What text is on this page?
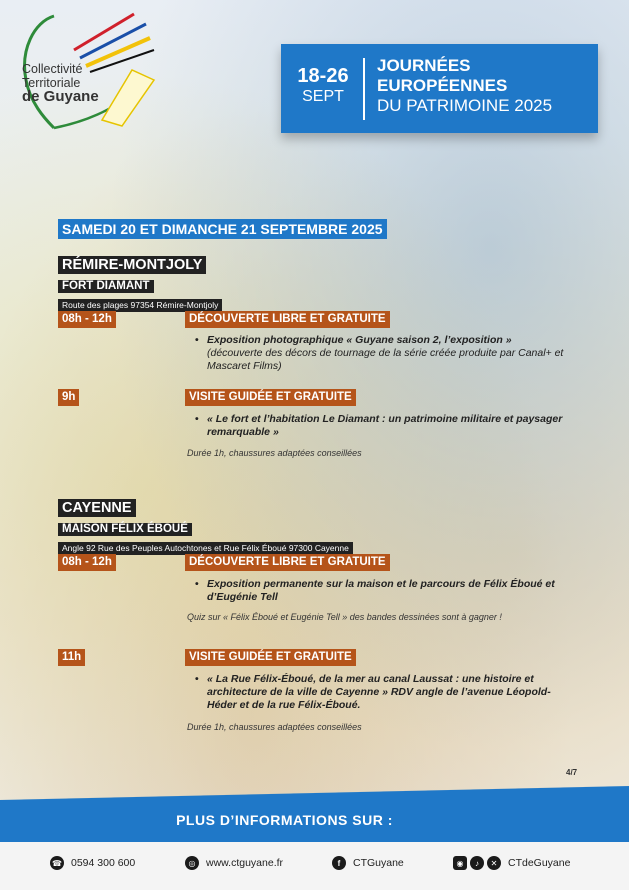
Collectivité
Territoriale
de Guyane
18-26
SEPT
JOURNÉES
EUROPÉENNES
DU PATRIMOINE 2025
SAMEDI 20 ET DIMANCHE 21 SEPTEMBRE 2025
RÉMIRE-MONTJOLY
FORT DIAMANT
Route des plages 97354 Rémire-Montjoly
08h - 12h	DÉCOUVERTE LIBRE ET GRATUITE
• Exposition photographique « Guyane saison 2, l’exposition »
(découverte des décors de tournage de la série créée produite par Canal+ et Mascaret Films)
9h	VISITE GUIDÉE ET GRATUITE
• « Le fort et l’habitation Le Diamant : un patrimoine militaire et paysager remarquable »
Durée 1h, chaussures adaptées conseillées
CAYENNE
MAISON FÉLIX ÉBOUÉ
Angle 92 Rue des Peuples Autochtones et Rue Félix Éboué 97300 Cayenne
08h - 12h	DÉCOUVERTE LIBRE ET GRATUITE
• Exposition permanente sur la maison et le parcours de Félix Éboué et d’Eugénie Tell
Quiz sur « Félix Éboué et Eugénie Tell » des bandes dessinées sont à gagner !
11h	VISITE GUIDÉE ET GRATUITE
• « La Rue Félix-Éboué, de la mer au canal Laussat : une histoire et architecture de la ville de Cayenne » RDV angle de l’avenue Léopold-Héder et de la rue Félix-Éboué.
Durée 1h, chaussures adaptées conseillées
4/7
PLUS D’INFORMATIONS SUR :
☎ 0594 300 600	◎	www.ctguyane.fr	f	CTGuyane	◉	♪	✕	CTdeGuyane
